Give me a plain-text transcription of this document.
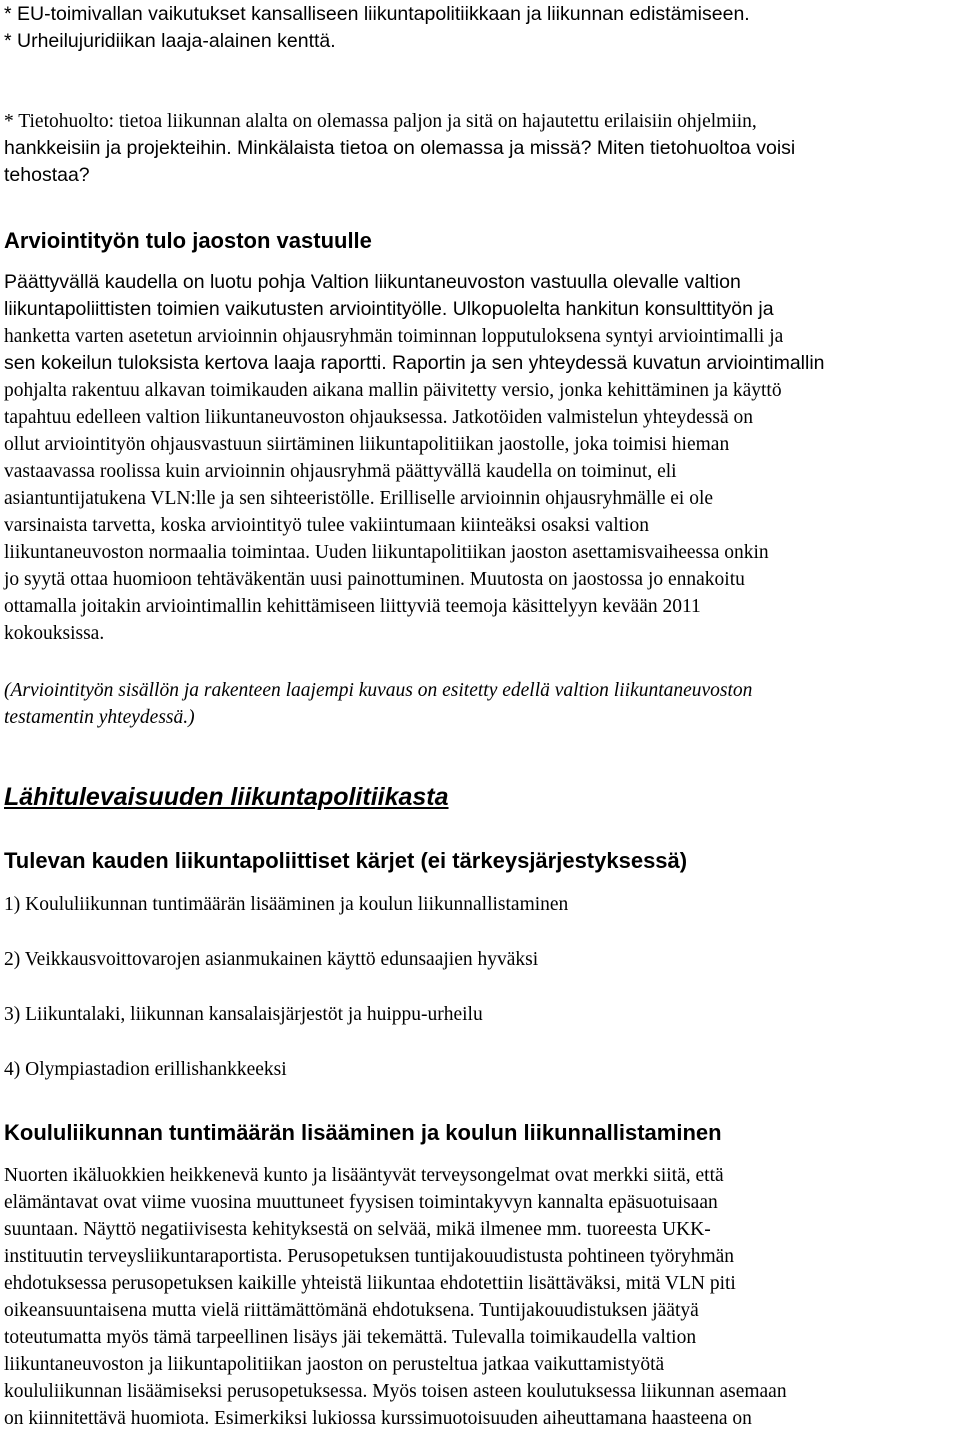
* EU-toimivallan vaikutukset kansalliseen liikuntapolitiikkaan ja liikunnan edistämiseen.
* Urheilujuridiikan laaja-alainen kenttä.
* Tietohuolto: tietoa liikunnan alalta on olemassa paljon ja sitä on hajautettu erilaisiin ohjelmiin,
hankkeisiin ja projekteihin. Minkälaista tietoa on olemassa ja missä? Miten tietohuoltoa voisi
tehostaa?
Arviointityön tulo jaoston vastuulle
Päättyvällä kaudella on luotu pohja Valtion liikuntaneuvoston vastuulla olevalle valtion
liikuntapoliittisten toimien vaikutusten arviointityölle. Ulkopuolelta hankitun konsulttityön ja
hanketta varten asetetun arvioinnin ohjausryhmän toiminnan lopputuloksena syntyi arviointimalli ja
sen kokeilun tuloksista kertova laaja raportti. Raportin ja sen yhteydessä kuvatun arviointimallin
pohjalta rakentuu alkavan toimikauden aikana mallin päivitetty versio, jonka kehittäminen ja käyttö
tapahtuu edelleen valtion liikuntaneuvoston ohjauksessa. Jatkotöiden valmistelun yhteydessä on
ollut arviointityön ohjausvastuun siirtäminen liikuntapolitiikan jaostolle, joka toimisi hieman
vastaavassa roolissa kuin arvioinnin ohjausryhmä päättyvällä kaudella on toiminut, eli
asiantuntijatukena VLN:lle ja sen sihteeristölle. Erilliselle arvioinnin ohjausryhmälle ei ole
varsinaista tarvetta, koska arviointityö tulee vakiintumaan kiinteäksi osaksi valtion
liikuntaneuvoston normaalia toimintaa. Uuden liikuntapolitiikan jaoston asettamisvaiheessa onkin
jo syytä ottaa huomioon tehtäväkentän uusi painottuminen. Muutosta on jaostossa jo ennakoitu
ottamalla joitakin arviointimallin kehittämiseen liittyviä teemoja käsittelyyn kevään 2011
kokouksissa.
(Arviointityön sisällön ja rakenteen laajempi kuvaus on esitetty edellä valtion liikuntaneuvoston
testamentin yhteydessä.)
Lähitulevaisuuden liikuntapolitiikasta
Tulevan kauden liikuntapoliittiset kärjet (ei tärkeysjärjestyksessä)
1) Koululiikunnan tuntimäärän lisääminen ja koulun liikunnallistaminen
2) Veikkausvoittovarojen asianmukainen käyttö edunsaajien hyväksi
3) Liikuntalaki, liikunnan kansalaisjärjestöt ja huippu-urheilu
4) Olympiastadion erillishankkeeksi
Koululiikunnan tuntimäärän lisääminen ja koulun liikunnallistaminen
Nuorten ikäluokkien heikkenevä kunto ja lisääntyvät terveysongelmat ovat merkki siitä, että
elämäntavat ovat viime vuosina muuttuneet fyysisen toimintakyvyn kannalta epäsuotuisaan
suuntaan. Näyttö negatiivisesta kehityksestä on selvää, mikä ilmenee mm. tuoreesta UKK-
instituutin terveysliikuntaraportista. Perusopetuksen tuntijakouudistusta pohtineen työryhmän
ehdotuksessa perusopetuksen kaikille yhteistä liikuntaa ehdotettiin lisättäväksi, mitä VLN piti
oikeansuuntaisena mutta vielä riittämättömänä ehdotuksena. Tuntijakouudistuksen jäätyä
toteutumatta myös tämä tarpeellinen lisäys jäi tekemättä. Tulevalla toimikaudella valtion
liikuntaneuvoston ja liikuntapolitiikan jaoston on perusteltua jatkaa vaikuttamistyötä
koululiikunnan lisäämiseksi perusopetuksessa. Myös toisen asteen koulutuksessa liikunnan asemaan
on kiinnitettävä huomiota. Esimerkiksi lukiossa kurssimuotoisuuden aiheuttamana haasteena on
